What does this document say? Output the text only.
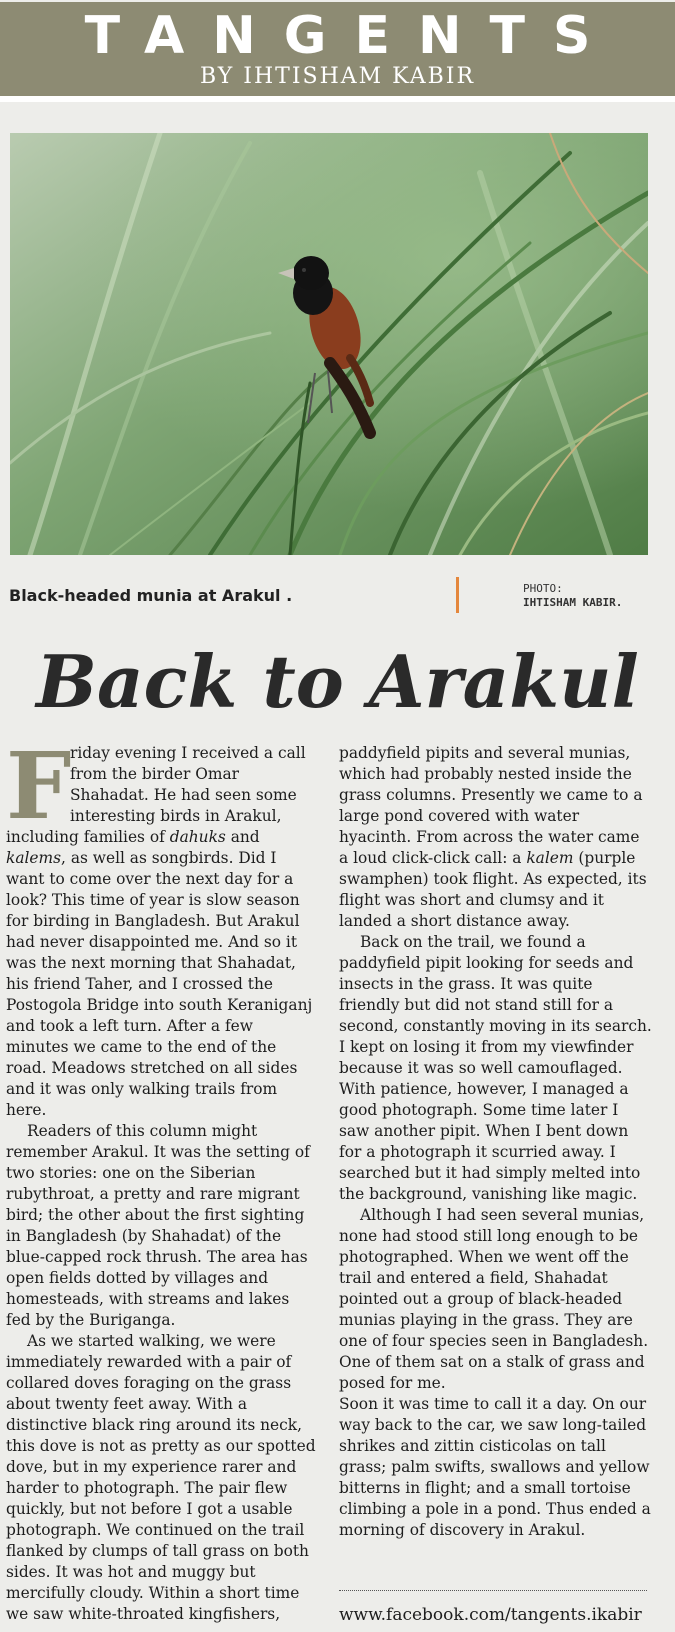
TANGENTS
BY IHTISHAM KABIR
Black-headed munia at Arakul .	PHOTO:
IHTISHAM KABIR.
Back to Arakul

F
riday evening I received a call from the birder Omar Shahadat. He had seen some interesting birds in Arakul, including families of dahuks and kalems, as well as songbirds. Did I want to come over the next day for a look? This time of year is slow season for birding in Bangladesh. But Arakul had never disappointed me. And so it was the next morning that Shahadat, his friend Taher, and I crossed the Postogola Bridge into south Keraniganj and took a left turn. After a few minutes we came to the end of the road. Meadows stretched on all sides and it was only walking trails from here.

Readers of this column might remember Arakul. It was the setting of two stories: one on the Siberian rubythroat, a pretty and rare migrant bird; the other about the first sighting in Bangladesh (by Shahadat) of the blue-capped rock thrush. The area has open fields dotted by villages and homesteads, with streams and lakes fed by the Buriganga.

As we started walking, we were immediately rewarded with a pair of collared doves foraging on the grass about twenty feet away. With a distinctive black ring around its neck, this dove is not as pretty as our spotted dove, but in my experience rarer and harder to photograph. The pair flew quickly, but not before I got a usable photograph. We continued on the trail flanked by clumps of tall grass on both sides. It was hot and muggy but mercifully cloudy. Within a short time we saw white-throated kingfishers,

paddyfield pipits and several munias, which had probably nested inside the grass columns. Presently we came to a large pond covered with water hyacinth. From across the water came a loud click-click call: a kalem (purple swamphen) took flight. As expected, its flight was short and clumsy and it landed a short distance away.

Back on the trail, we found a paddyfield pipit looking for seeds and insects in the grass. It was quite friendly but did not stand still for a second, constantly moving in its search. I kept on losing it from my viewfinder because it was so well camouflaged. With patience, however, I managed a good photograph. Some time later I saw another pipit. When I bent down for a photograph it scurried away. I searched but it had simply melted into the background, vanishing like magic.

Although I had seen several munias, none had stood still long enough to be photographed. When we went off the trail and entered a field, Shahadat pointed out a group of black-headed munias playing in the grass. They are one of four species seen in Bangladesh. One of them sat on a stalk of grass and posed for me.

Soon it was time to call it a day. On our way back to the car, we saw long-tailed shrikes and zittin cisticolas on tall grass; palm swifts, swallows and yellow bitterns in flight; and a small tortoise climbing a pole in a pond. Thus ended a morning of discovery in Arakul.

www.facebook.com/tangents.ikabir
